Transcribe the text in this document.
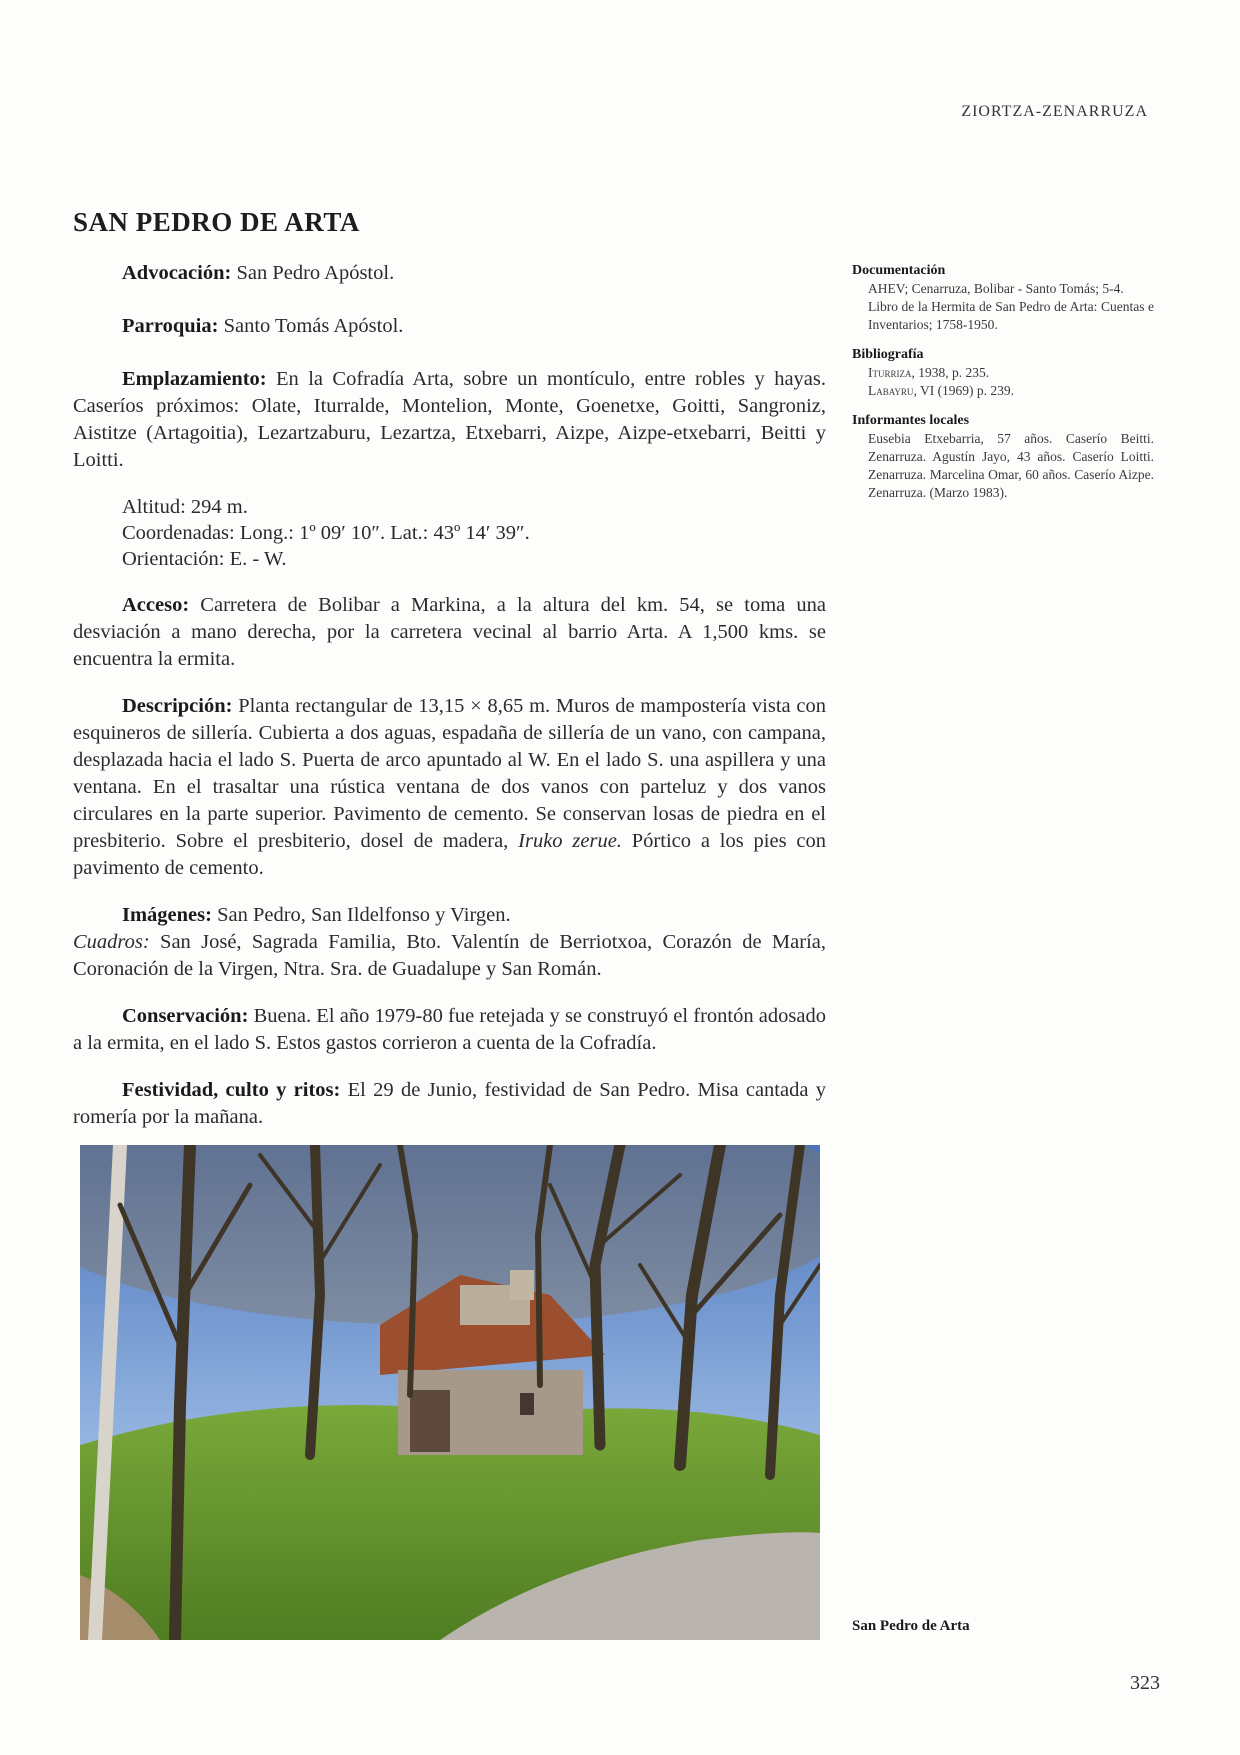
ZIORTZA-ZENARRUZA
SAN PEDRO DE ARTA

Advocación: San Pedro Apóstol.

Parroquia: Santo Tomás Apóstol.

Emplazamiento: En la Cofradía Arta, sobre un montículo, entre robles y hayas. Caseríos próximos: Olate, Iturralde, Montelion, Monte, Goenetxe, Goitti, Sangroniz, Aistitze (Artagoitia), Lezartzaburu, Lezartza, Etxebarri, Aizpe, Aizpe-etxebarri, Beitti y Loitti.

Altitud: 294 m.
Coordenadas: Long.: 1º 09′ 10″. Lat.: 43º 14′ 39″.
Orientación: E. - W.

Acceso: Carretera de Bolibar a Markina, a la altura del km. 54, se toma una desviación a mano derecha, por la carretera vecinal al barrio Arta. A 1,500 kms. se encuentra la ermita.

Descripción: Planta rectangular de 13,15 × 8,65 m. Muros de mampostería vista con esquineros de sillería. Cubierta a dos aguas, espadaña de sillería de un vano, con campana, desplazada hacia el lado S. Puerta de arco apuntado al W. En el lado S. una aspillera y una ventana. En el trasaltar una rústica ventana de dos vanos con parteluz y dos vanos circulares en la parte superior. Pavimento de cemento. Se conservan losas de piedra en el presbiterio. Sobre el presbiterio, dosel de madera, Iruko zerue. Pórtico a los pies con pavimento de cemento.

Imágenes: San Pedro, San Ildelfonso y Virgen.
Cuadros: San José, Sagrada Familia, Bto. Valentín de Berriotxoa, Corazón de María, Coronación de la Virgen, Ntra. Sra. de Guadalupe y San Román.

Conservación: Buena. El año 1979-80 fue retejada y se construyó el frontón adosado a la ermita, en el lado S. Estos gastos corrieron a cuenta de la Cofradía.

Festividad, culto y ritos: El 29 de Junio, festividad de San Pedro. Misa cantada y romería por la mañana.

Documentación
AHEV; Cenarruza, Bolibar - Santo Tomás; 5-4.
Libro de la Hermita de San Pedro de Arta: Cuentas e Inventarios; 1758-1950.
Bibliografía
Iturriza, 1938, p. 235.
Labayru, VI (1969) p. 239.
Informantes locales
Eusebia Etxebarria, 57 años. Caserío Beitti. Zenarruza. Agustín Jayo, 43 años. Caserío Loitti. Zenarruza. Marcelina Omar, 60 años. Caserío Aizpe. Zenarruza. (Marzo 1983).
San Pedro de Arta
323
